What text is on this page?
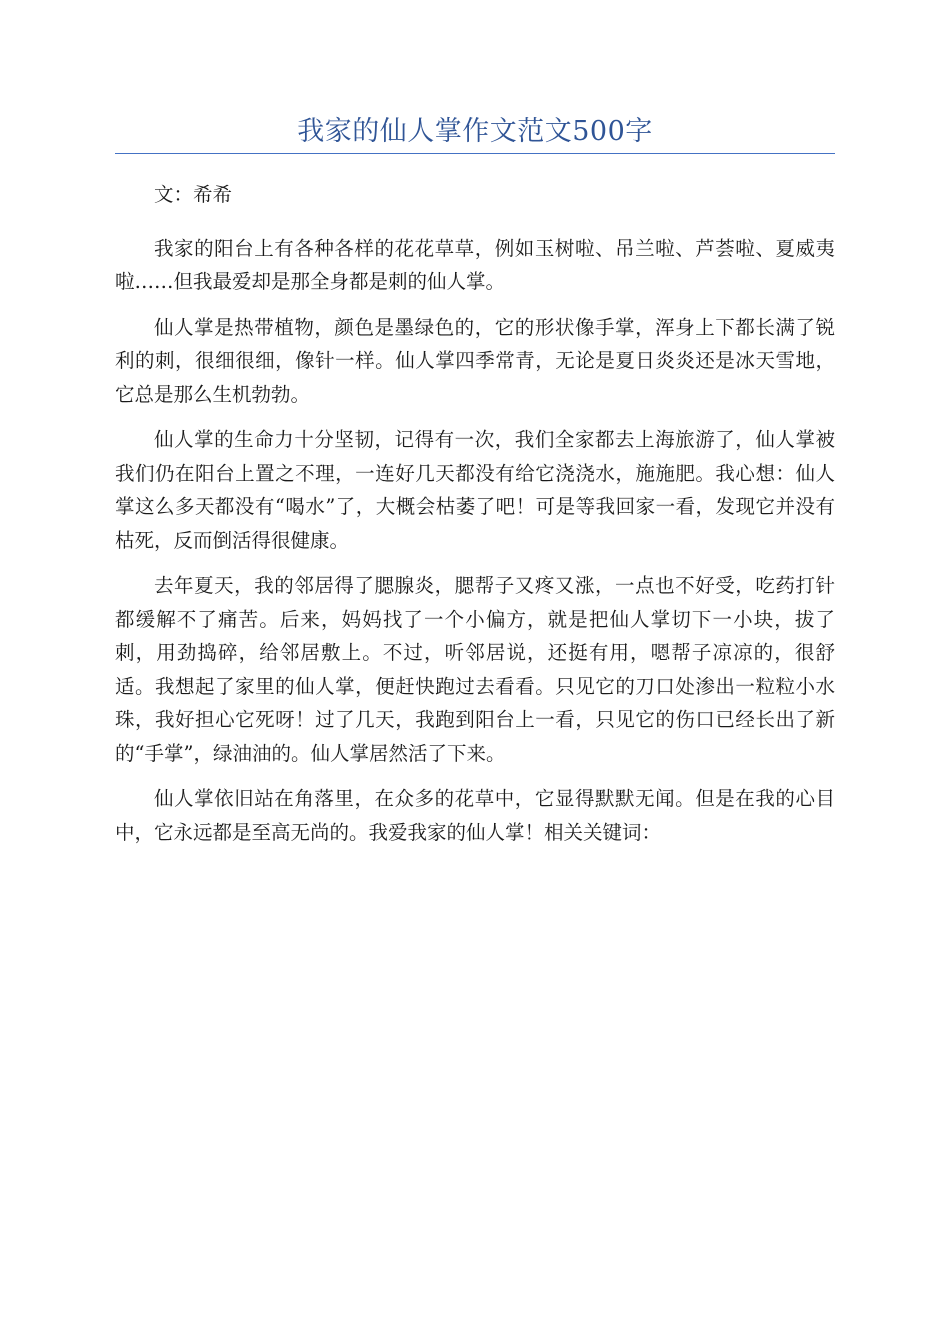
我家的仙人掌作文范文500字

文：希希

我家的阳台上有各种各样的花花草草，例如玉树啦、吊兰啦、芦荟啦、夏威夷啦……但我最爱却是那全身都是刺的仙人掌。

仙人掌是热带植物，颜色是墨绿色的，它的形状像手掌，浑身上下都长满了锐利的刺，很细很细，像针一样。仙人掌四季常青，无论是夏日炎炎还是冰天雪地，它总是那么生机勃勃。

仙人掌的生命力十分坚韧，记得有一次，我们全家都去上海旅游了，仙人掌被我们仍在阳台上置之不理，一连好几天都没有给它浇浇水，施施肥。我心想：仙人掌这么多天都没有“喝水”了，大概会枯萎了吧！可是等我回家一看，发现它并没有枯死，反而倒活得很健康。

去年夏天，我的邻居得了腮腺炎，腮帮子又疼又涨，一点也不好受，吃药打针都缓解不了痛苦。后来，妈妈找了一个小偏方，就是把仙人掌切下一小块，拔了刺，用劲捣碎，给邻居敷上。不过，听邻居说，还挺有用，嗯帮子凉凉的，很舒适。我想起了家里的仙人掌，便赶快跑过去看看。只见它的刀口处渗出一粒粒小水珠，我好担心它死呀！过了几天，我跑到阳台上一看，只见它的伤口已经长出了新的“手掌”，绿油油的。仙人掌居然活了下来。

仙人掌依旧站在角落里，在众多的花草中，它显得默默无闻。但是在我的心目中，它永远都是至高无尚的。我爱我家的仙人掌！相关关键词：
